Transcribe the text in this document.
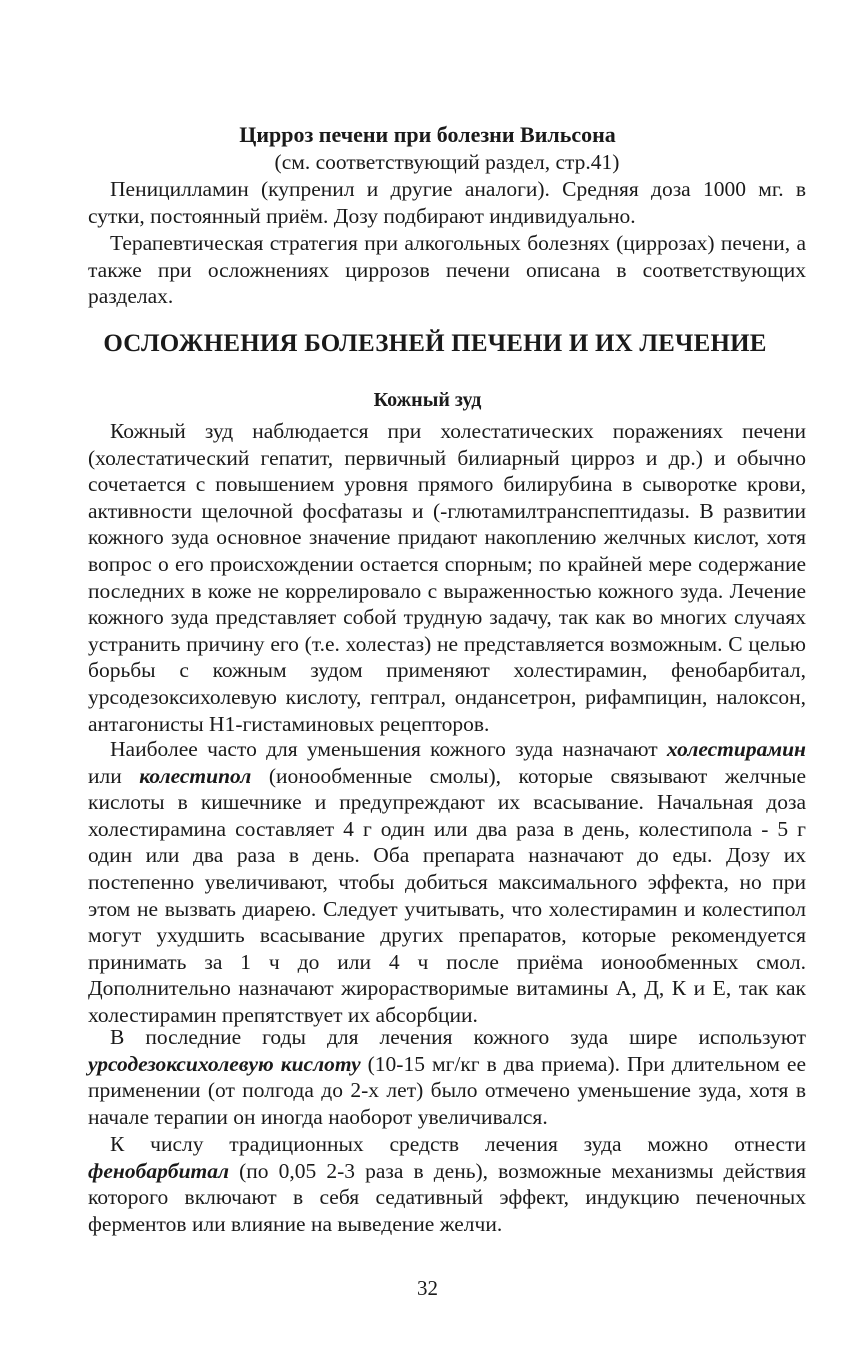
Цирроз печени при болезни Вильсона
(см. соответствующий раздел, стр.41)
Пеницилламин (купренил и другие аналоги). Средняя доза 1000 мг. в сутки, постоянный приём. Дозу подбирают индивидуально.
Терапевтическая стратегия при алкогольных болезнях (циррозах) печени, а также при осложнениях циррозов печени описана в соответствующих разделах.
ОСЛОЖНЕНИЯ БОЛЕЗНЕЙ ПЕЧЕНИ И ИХ ЛЕЧЕНИЕ
Кожный зуд
Кожный зуд наблюдается при холестатических поражениях печени (холестатический гепатит, первичный билиарный цирроз и др.) и обычно сочетается с повышением уровня прямого билирубина в сыворотке крови, активности щелочной фосфатазы и (-глютамилтранспептидазы. В развитии кожного зуда основное значение придают накоплению желчных кислот, хотя вопрос о его происхождении остается спорным; по крайней мере содержание последних в коже не коррелировало с выраженностью кожного зуда. Лечение кожного зуда представляет собой трудную задачу, так как во многих случаях устранить причину его (т.е. холестаз) не представляется возможным. С целью борьбы с кожным зудом применяют холестирамин, фенобарбитал, урсодезоксихолевую кислоту, гептрал, ондансетрон, рифампицин, налоксон, антагонисты Н1-гистаминовых рецепторов.
Наиболее часто для уменьшения кожного зуда назначают холестирамин или колестипол (ионообменные смолы), которые связывают желчные кислоты в кишечнике и предупреждают их всасывание. Начальная доза холестирамина составляет 4 г один или два раза в день, колестипола - 5 г один или два раза в день. Оба препарата назначают до еды. Дозу их постепенно увеличивают, чтобы добиться максимального эффекта, но при этом не вызвать диарею. Следует учитывать, что холестирамин и колестипол могут ухудшить всасывание других препаратов, которые рекомендуется принимать за 1 ч до или 4 ч после приёма ионообменных смол. Дополнительно назначают жирорастворимые витамины А, Д, К и Е, так как холестирамин препятствует их абсорбции.
В последние годы для лечения кожного зуда шире используют урсодезоксихолевую кислоту (10-15 мг/кг в два приема). При длительном ее применении (от полгода до 2-х лет) было отмечено уменьшение зуда, хотя в начале терапии он иногда наоборот увеличивался.
К числу традиционных средств лечения зуда можно отнести фенобарбитал (по 0,05 2-3 раза в день), возможные механизмы действия которого включают в себя седативный эффект, индукцию печеночных ферментов или влияние на выведение желчи.
32
